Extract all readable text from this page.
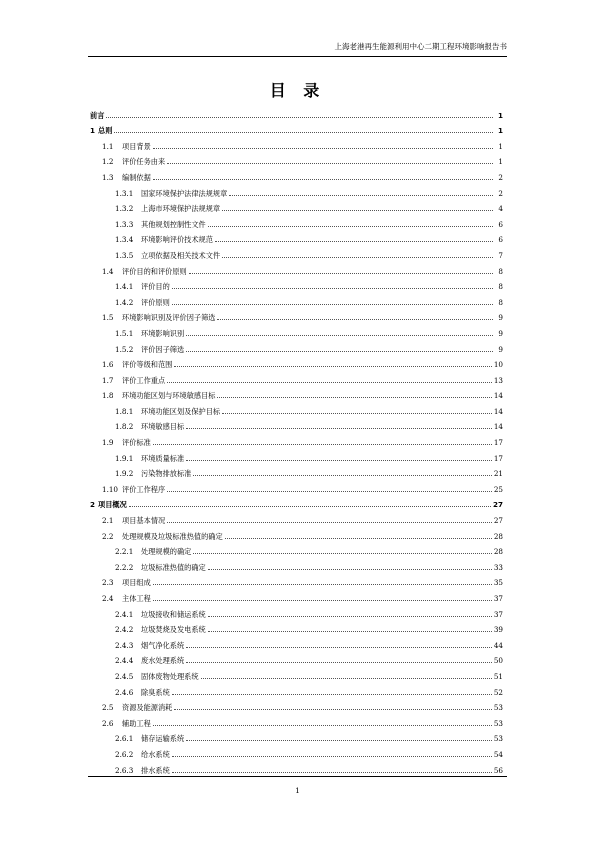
上海老港再生能源利用中心二期工程环境影响报告书
目 录
前言	1
1 总则	1
1.1 项目背景	1
1.2 评价任务由来	1
1.3 编制依据	2
1.3.1 国家环境保护法律法规规章	2
1.3.2 上海市环境保护法规规章	4
1.3.3 其他规划控制性文件	6
1.3.4 环境影响评价技术规范	6
1.3.5 立项依据及相关技术文件	7
1.4 评价目的和评价原则	8
1.4.1 评价目的	8
1.4.2 评价原则	8
1.5 环境影响识别及评价因子筛选	9
1.5.1 环境影响识别	9
1.5.2 评价因子筛选	9
1.6 评价等级和范围	10
1.7 评价工作重点	13
1.8 环境功能区划与环境敏感目标	14
1.8.1 环境功能区划及保护目标	14
1.8.2 环境敏感目标	14
1.9 评价标准	17
1.9.1 环境质量标准	17
1.9.2 污染物排放标准	21
1.10 评价工作程序	25
2 项目概况	27
2.1 项目基本情况	27
2.2 处理规模及垃圾标准热值的确定	28
2.2.1 处理规模的确定	28
2.2.2 垃圾标准热值的确定	33
2.3 项目组成	35
2.4 主体工程	37
2.4.1 垃圾接收和储运系统	37
2.4.2 垃圾焚烧及发电系统	39
2.4.3 烟气净化系统	44
2.4.4 废水处理系统	50
2.4.5 固体废物处理系统	51
2.4.6 除臭系统	52
2.5 资源及能源消耗	53
2.6 辅助工程	53
2.6.1 储存运输系统	53
2.6.2 给水系统	54
2.6.3 排水系统	56
1
